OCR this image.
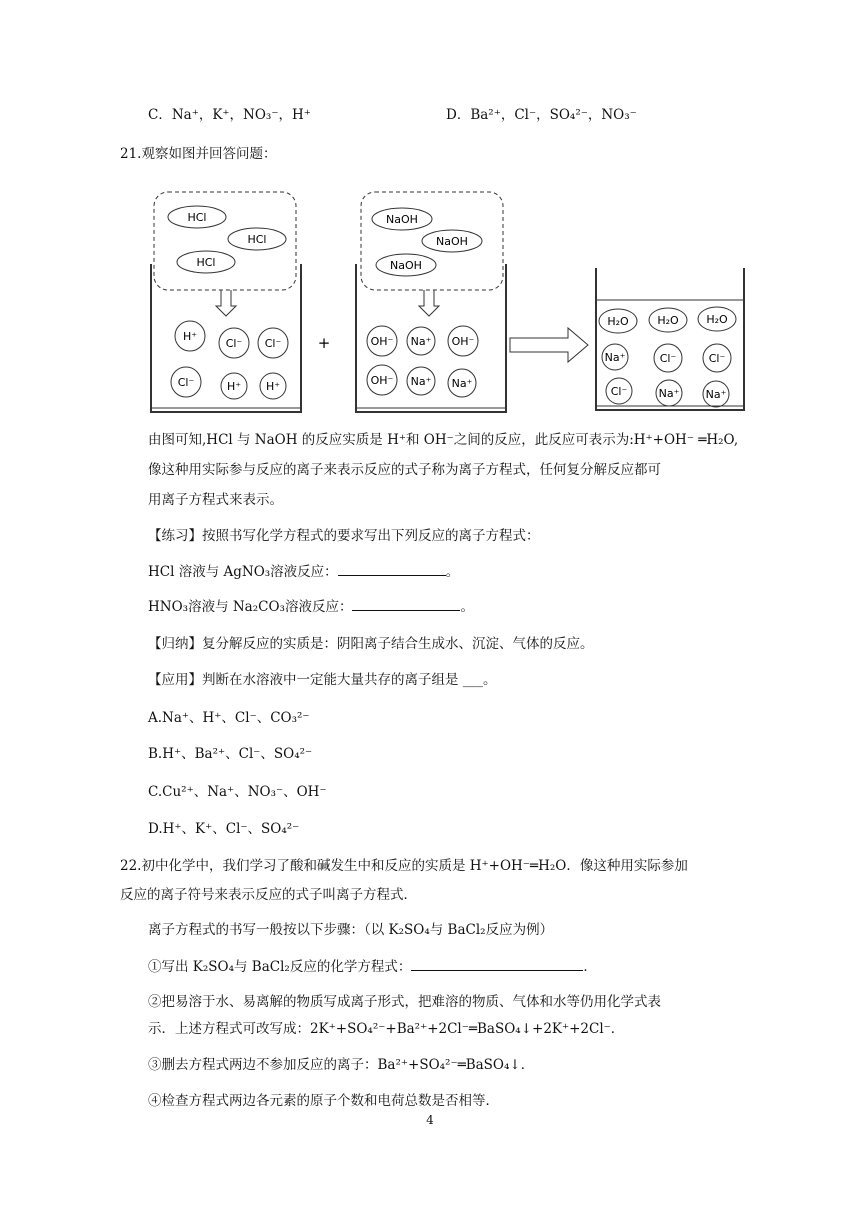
C．Na⁺，K⁺，NO₃⁻，H⁺	D．Ba²⁺，Cl⁻，SO₄²⁻，NO₃⁻
21.观察如图并回答问题：
HCl
HCl
HCl
H⁺
Cl⁻ Cl⁻
Cl⁻	H⁺ H⁺
+
NaOH
NaOH
NaOH
OH⁻ Na⁺ OH⁻
OH⁻ Na⁺ Na⁺
H₂O	H₂O	H₂O
Na⁺	Cl⁻	Cl⁻
Cl⁻	Na⁺ Na⁺
由图可知,HCl 与 NaOH 的反应实质是 H⁺和 OH⁻之间的反应，此反应可表示为:H⁺+OH⁻ ═H₂O,
像这种用实际参与反应的离子来表示反应的式子称为离子方程式，任何复分解反应都可
用离子方程式来表示。
【练习】按照书写化学方程式的要求写出下列反应的离子方程式：
HCl 溶液与 AgNO₃溶液反应：	。
HNO₃溶液与 Na₂CO₃溶液反应：	。
【归纳】复分解反应的实质是：阴阳离子结合生成水、沉淀、气体的反应。
【应用】判断在水溶液中一定能大量共存的离子组是 ___。
A.Na⁺、H⁺、Cl⁻、CO₃²⁻
B.H⁺、Ba²⁺、Cl⁻、SO₄²⁻
C.Cu²⁺、Na⁺、NO₃⁻、OH⁻
D.H⁺、K⁺、Cl⁻、SO₄²⁻
22.初中化学中，我们学习了酸和碱发生中和反应的实质是 H⁺+OH⁻═H₂O．像这种用实际参加
反应的离子符号来表示反应的式子叫离子方程式．
离子方程式的书写一般按以下步骤：（以 K₂SO₄与 BaCl₂反应为例）
①写出 K₂SO₄与 BaCl₂反应的化学方程式：	．
②把易溶于水、易离解的物质写成离子形式，把难溶的物质、气体和水等仍用化学式表
示．上述方程式可改写成：2K⁺+SO₄²⁻+Ba²⁺+2Cl⁻═BaSO₄↓+2K⁺+2Cl⁻．
③删去方程式两边不参加反应的离子：Ba²⁺+SO₄²⁻═BaSO₄↓．
④检查方程式两边各元素的原子个数和电荷总数是否相等．
4
